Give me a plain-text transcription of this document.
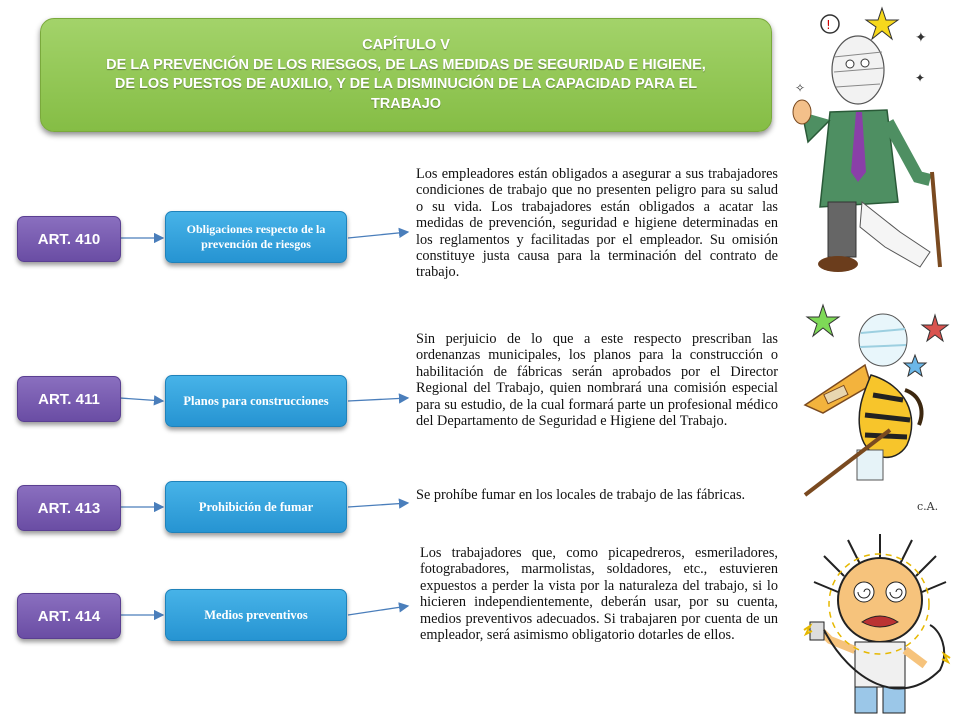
CAPÍTULO V
DE LA PREVENCIÓN DE LOS RIESGOS, DE LAS MEDIDAS DE SEGURIDAD E HIGIENE,
DE LOS PUESTOS DE AUXILIO, Y DE LA DISMINUCIÓN DE LA CAPACIDAD PARA EL
TRABAJO
ART. 410
ART. 411
ART. 413
ART. 414
Obligaciones respecto de la prevención de riesgos
Planos para construcciones
Prohibición de fumar
Medios preventivos

Los empleadores están obligados a asegurar a sus trabajadores condiciones de trabajo que no presenten peligro para su salud o su vida. Los trabajadores están obligados a acatar las medidas de prevención, seguridad e higiene determinadas en los reglamentos y facilitadas por el empleador. Su omisión constituye justa causa para la terminación del contrato de trabajo.

Sin perjuicio de lo que a este respecto prescriban las ordenanzas municipales, los planos para la construcción o habilitación de fábricas serán aprobados por el Director Regional del Trabajo, quien nombrará una comisión especial para su estudio, de la cual formará parte un profesional médico del Departamento de Seguridad e Higiene del Trabajo.

Se prohíbe fumar en los locales de trabajo de las fábricas.

Los trabajadores que, como picapedreros, esmeriladores, fotograbadores, marmolistas, soldadores, etc., estuvieren expuestos a perder la vista por la naturaleza del trabajo, si lo hicieren independientemente, deberán usar, por su cuenta, medios preventivos adecuados. Si trabajaren por cuenta de un empleador, será asimismo obligatorio dotarles de ellos.

!
✦
✦
✧
c.A.
